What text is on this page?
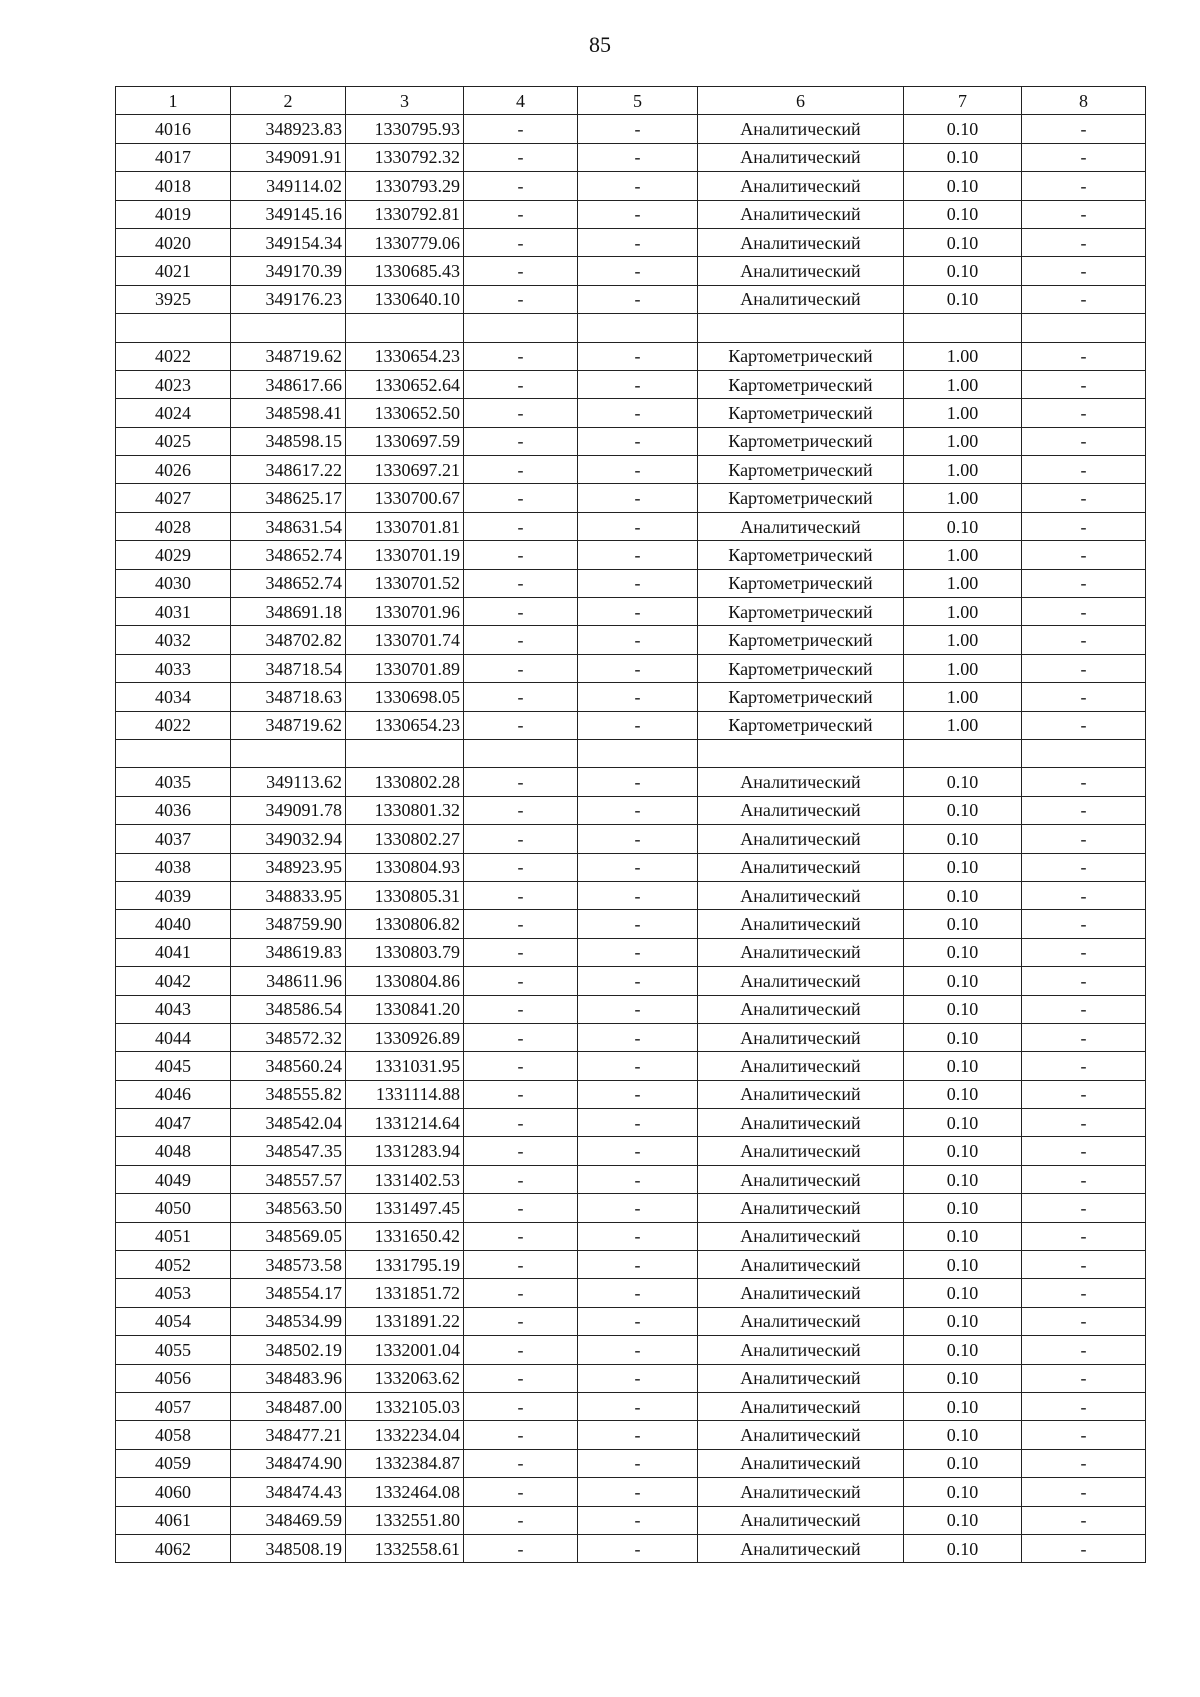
85
1	2	3	4	5	6	7	8
4016	348923.83	1330795.93	-	-	Аналитический	0.10	-
4017	349091.91	1330792.32	-	-	Аналитический	0.10	-
4018	349114.02	1330793.29	-	-	Аналитический	0.10	-
4019	349145.16	1330792.81	-	-	Аналитический	0.10	-
4020	349154.34	1330779.06	-	-	Аналитический	0.10	-
4021	349170.39	1330685.43	-	-	Аналитический	0.10	-
3925	349176.23	1330640.10	-	-	Аналитический	0.10	-

4022	348719.62	1330654.23	-	-	Картометрический	1.00	-
4023	348617.66	1330652.64	-	-	Картометрический	1.00	-
4024	348598.41	1330652.50	-	-	Картометрический	1.00	-
4025	348598.15	1330697.59	-	-	Картометрический	1.00	-
4026	348617.22	1330697.21	-	-	Картометрический	1.00	-
4027	348625.17	1330700.67	-	-	Картометрический	1.00	-
4028	348631.54	1330701.81	-	-	Аналитический	0.10	-
4029	348652.74	1330701.19	-	-	Картометрический	1.00	-
4030	348652.74	1330701.52	-	-	Картометрический	1.00	-
4031	348691.18	1330701.96	-	-	Картометрический	1.00	-
4032	348702.82	1330701.74	-	-	Картометрический	1.00	-
4033	348718.54	1330701.89	-	-	Картометрический	1.00	-
4034	348718.63	1330698.05	-	-	Картометрический	1.00	-
4022	348719.62	1330654.23	-	-	Картометрический	1.00	-

4035	349113.62	1330802.28	-	-	Аналитический	0.10	-
4036	349091.78	1330801.32	-	-	Аналитический	0.10	-
4037	349032.94	1330802.27	-	-	Аналитический	0.10	-
4038	348923.95	1330804.93	-	-	Аналитический	0.10	-
4039	348833.95	1330805.31	-	-	Аналитический	0.10	-
4040	348759.90	1330806.82	-	-	Аналитический	0.10	-
4041	348619.83	1330803.79	-	-	Аналитический	0.10	-
4042	348611.96	1330804.86	-	-	Аналитический	0.10	-
4043	348586.54	1330841.20	-	-	Аналитический	0.10	-
4044	348572.32	1330926.89	-	-	Аналитический	0.10	-
4045	348560.24	1331031.95	-	-	Аналитический	0.10	-
4046	348555.82	1331114.88	-	-	Аналитический	0.10	-
4047	348542.04	1331214.64	-	-	Аналитический	0.10	-
4048	348547.35	1331283.94	-	-	Аналитический	0.10	-
4049	348557.57	1331402.53	-	-	Аналитический	0.10	-
4050	348563.50	1331497.45	-	-	Аналитический	0.10	-
4051	348569.05	1331650.42	-	-	Аналитический	0.10	-
4052	348573.58	1331795.19	-	-	Аналитический	0.10	-
4053	348554.17	1331851.72	-	-	Аналитический	0.10	-
4054	348534.99	1331891.22	-	-	Аналитический	0.10	-
4055	348502.19	1332001.04	-	-	Аналитический	0.10	-
4056	348483.96	1332063.62	-	-	Аналитический	0.10	-
4057	348487.00	1332105.03	-	-	Аналитический	0.10	-
4058	348477.21	1332234.04	-	-	Аналитический	0.10	-
4059	348474.90	1332384.87	-	-	Аналитический	0.10	-
4060	348474.43	1332464.08	-	-	Аналитический	0.10	-
4061	348469.59	1332551.80	-	-	Аналитический	0.10	-
4062	348508.19	1332558.61	-	-	Аналитический	0.10	-
